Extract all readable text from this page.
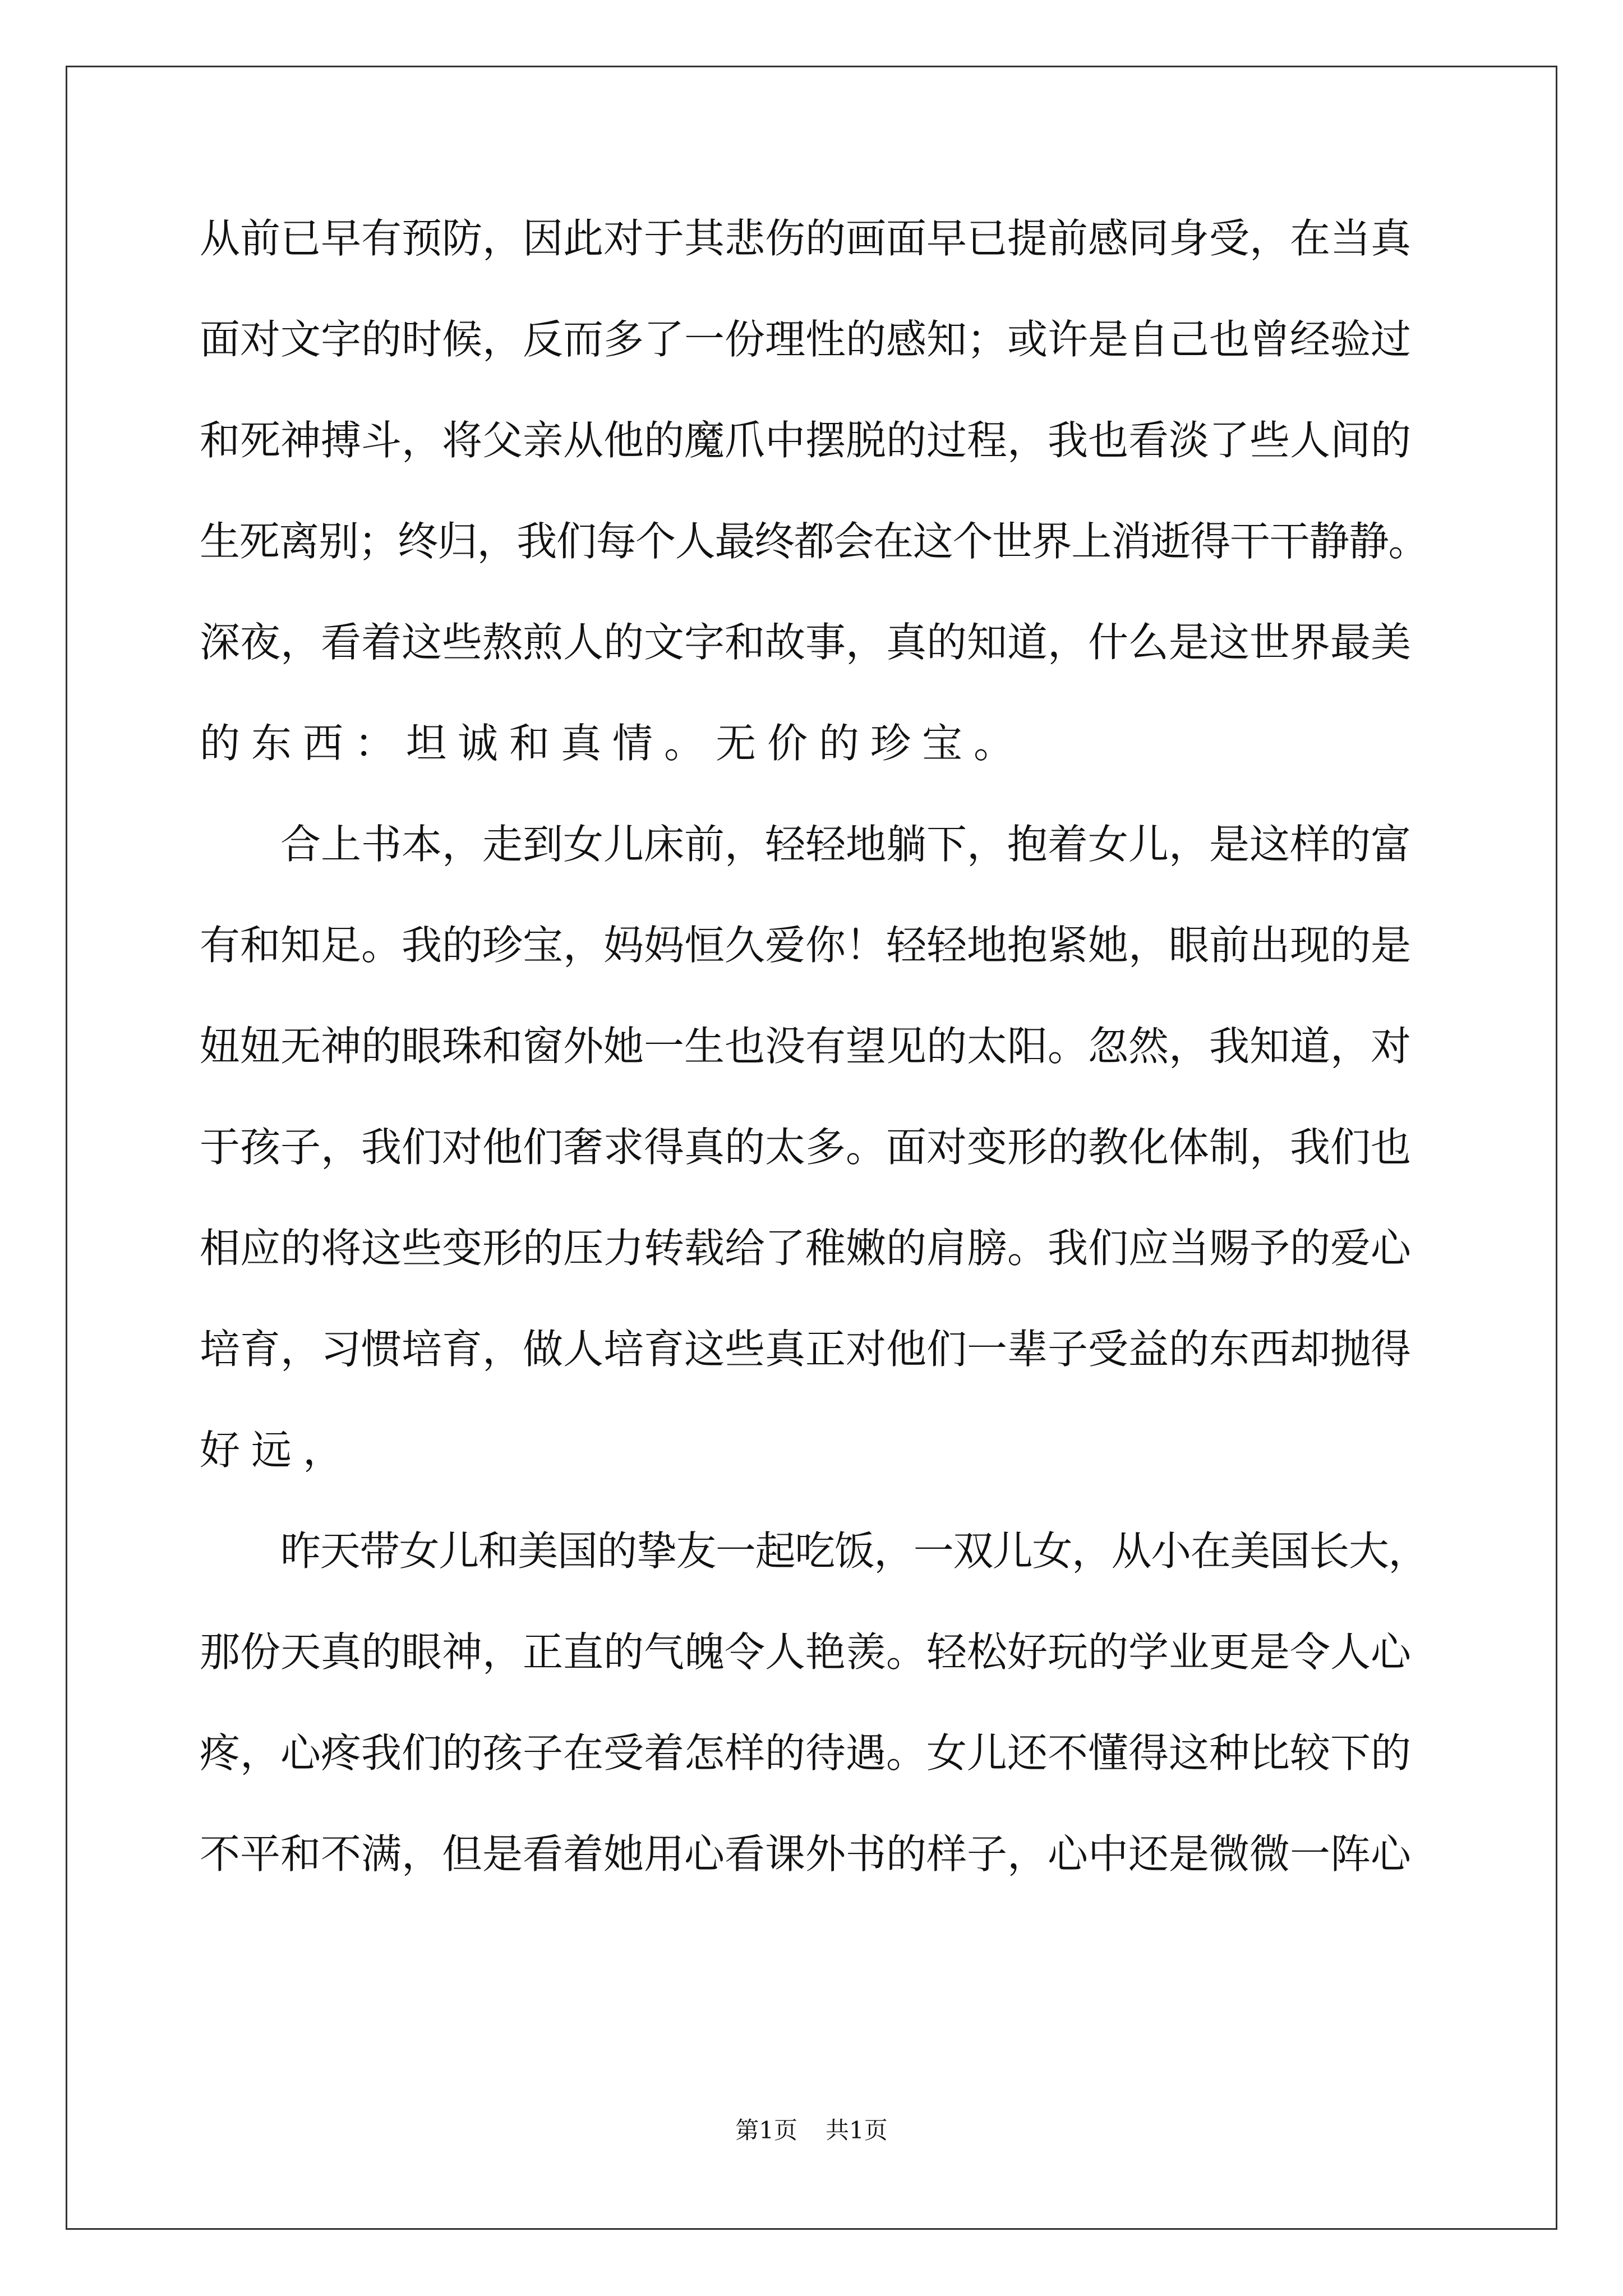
从前已早有预防，因此对于其悲伤的画面早已提前感同身受，在当真
面对文字的时候，反而多了一份理性的感知；或许是自己也曾经验过
和死神搏斗，将父亲从他的魔爪中摆脱的过程，我也看淡了些人间的
生死离别；终归，我们每个人最终都会在这个世界上消逝得干干静静。
深夜，看着这些熬煎人的文字和故事，真的知道，什么是这世界最美
的东西：坦诚和真情。无价的珍宝。
合上书本，走到女儿床前，轻轻地躺下，抱着女儿，是这样的富
有和知足。我的珍宝，妈妈恒久爱你！轻轻地抱紧她，眼前出现的是
妞妞无神的眼珠和窗外她一生也没有望见的太阳。忽然，我知道，对
于孩子，我们对他们奢求得真的太多。面对变形的教化体制，我们也
相应的将这些变形的压力转载给了稚嫩的肩膀。我们应当赐予的爱心
培育，习惯培育，做人培育这些真正对他们一辈子受益的东西却抛得
好远，
昨天带女儿和美国的挚友一起吃饭，一双儿女，从小在美国长大，
那份天真的眼神，正直的气魄令人艳羡。轻松好玩的学业更是令人心
疼，心疼我们的孩子在受着怎样的待遇。女儿还不懂得这种比较下的
不平和不满，但是看着她用心看课外书的样子，心中还是微微一阵心
第1页 共1页
